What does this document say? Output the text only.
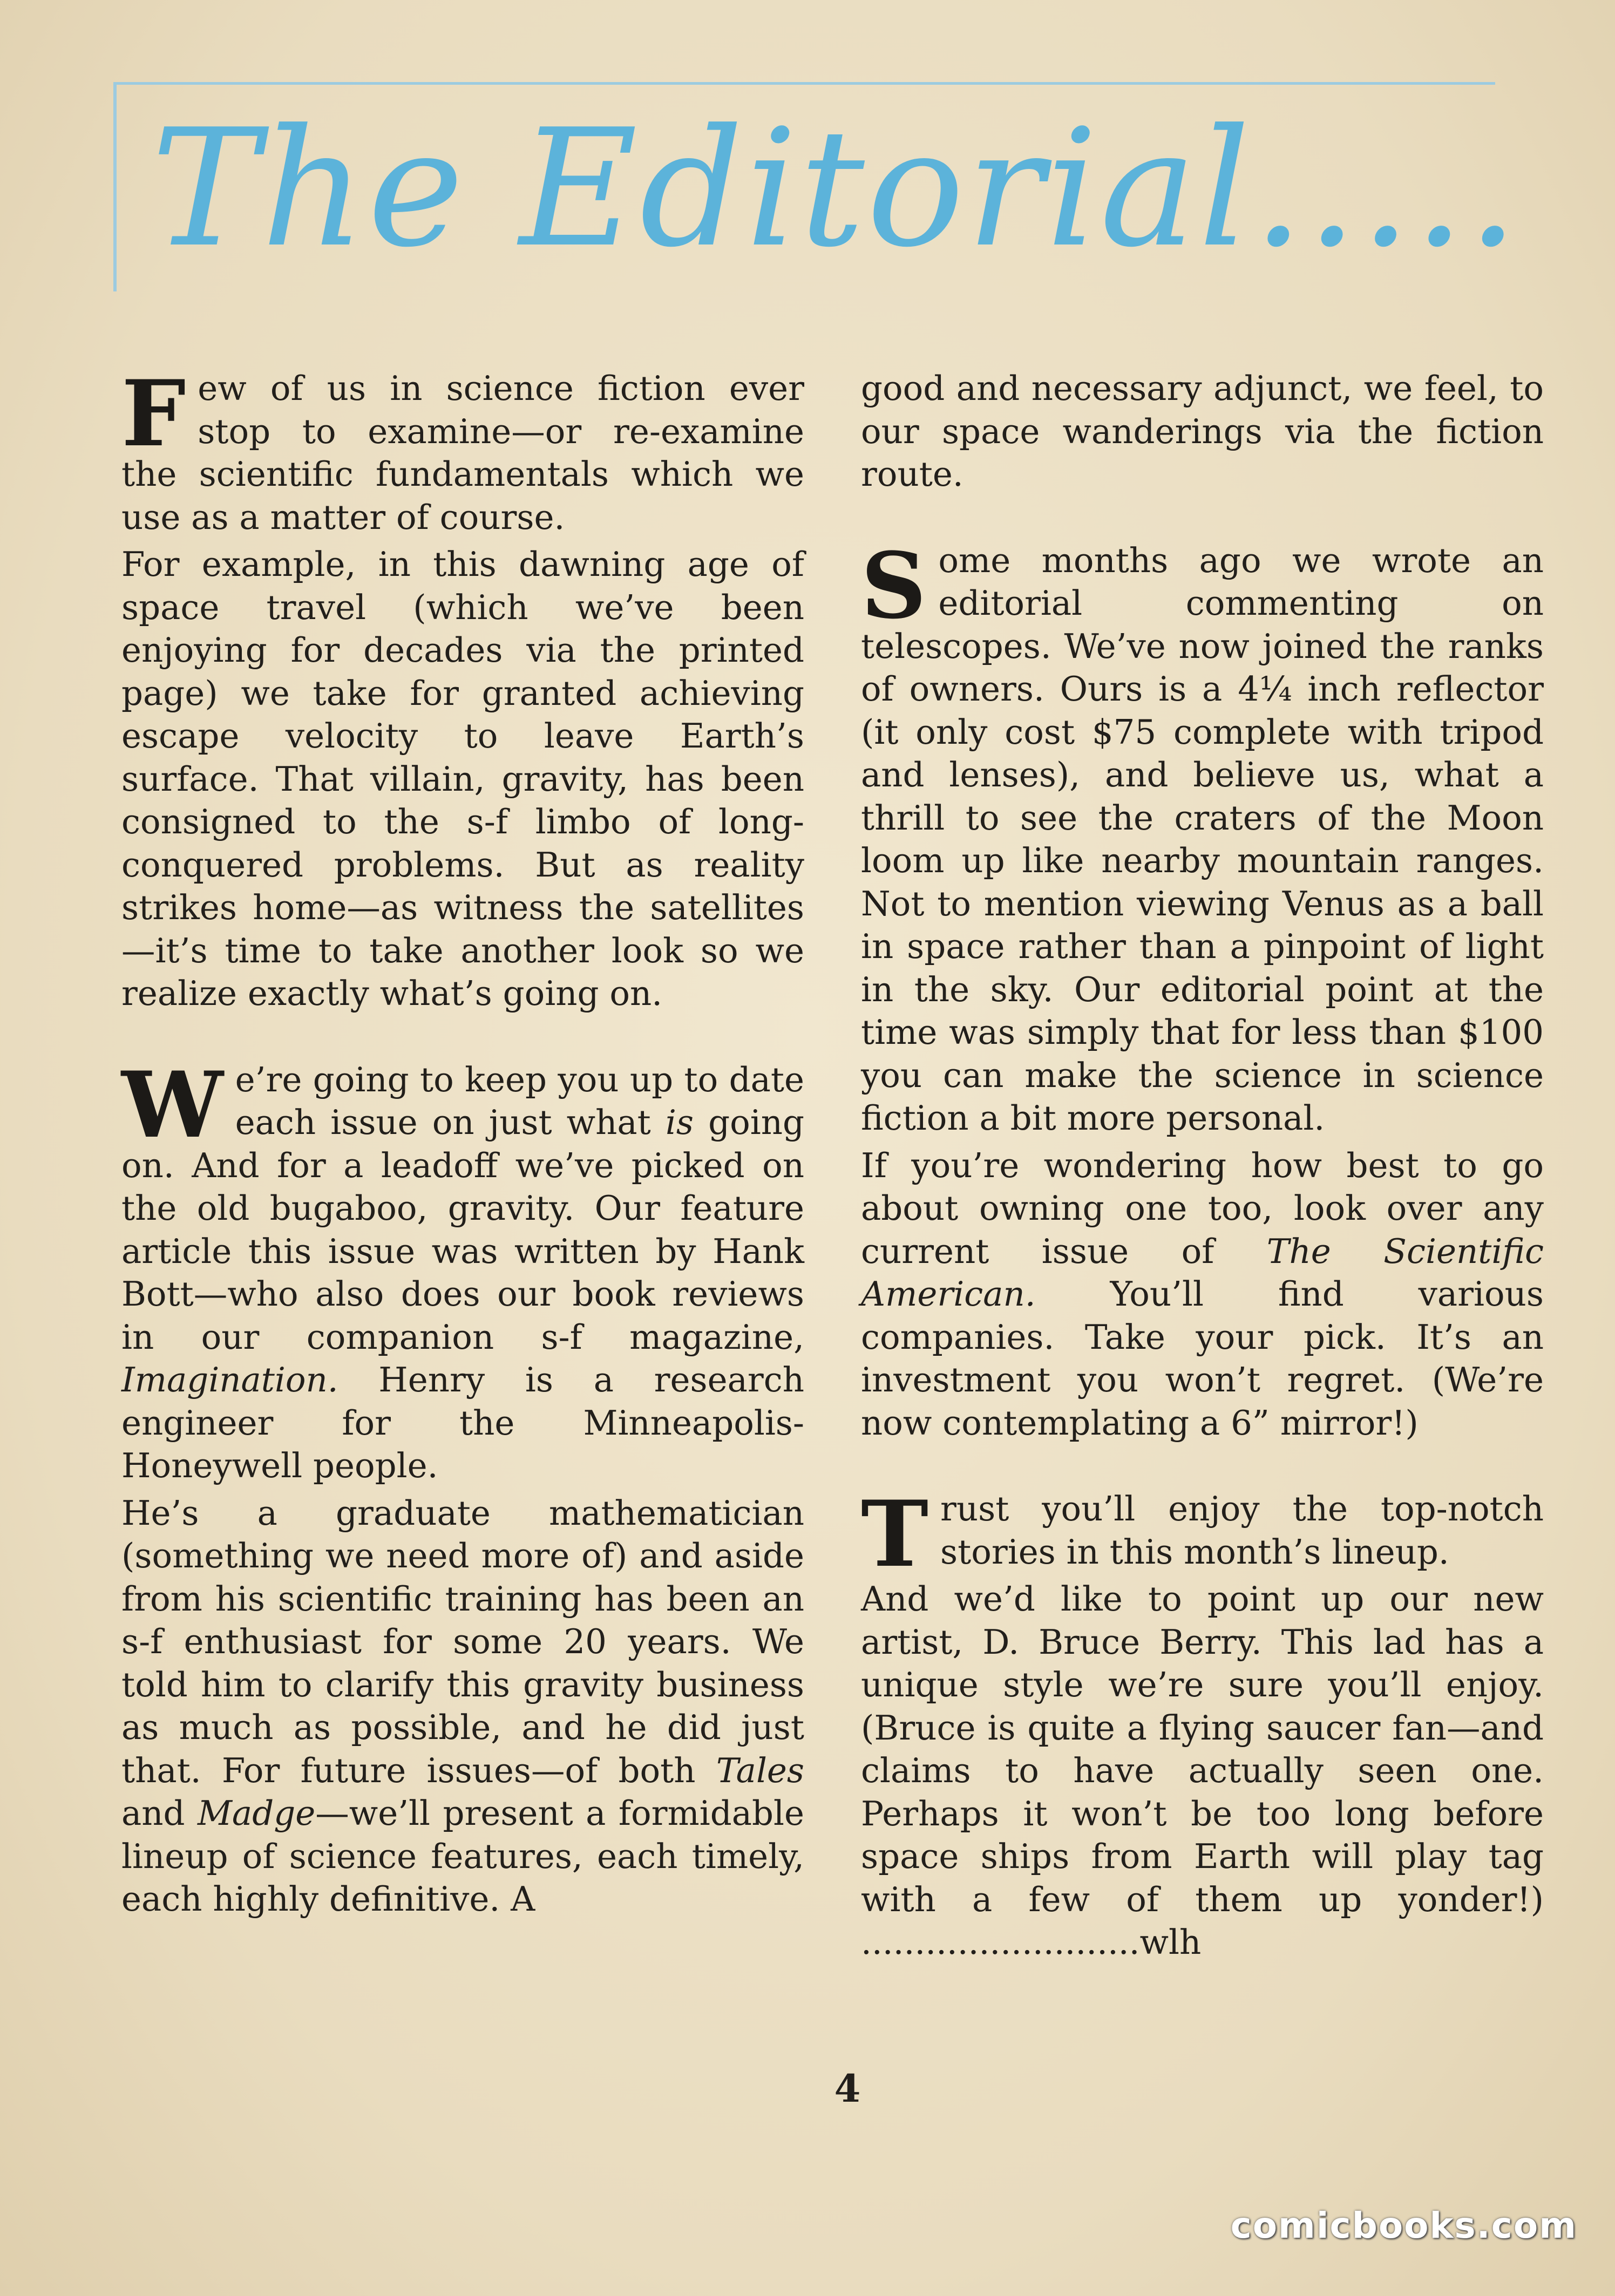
The Editorial.....

Few of us in science fiction ever stop to examine—or re-examine the scientific fundamentals which we use as a matter of course.

For example, in this dawning age of space travel (which we’ve been enjoying for decades via the printed page) we take for granted achieving escape velocity to leave Earth’s surface. That villain, gravity, has been consigned to the s-f limbo of long-conquered problems. But as reality strikes home—as witness the satellites—it’s time to take another look so we realize exactly what’s going on.

We’re going to keep you up to date each issue on just what is going on. And for a leadoff we’ve picked on the old bugaboo, gravity. Our feature article this issue was written by Hank Bott—who also does our book reviews in our companion s-f magazine, Imagination. Henry is a research engineer for the Minneapolis-Honeywell people.

He’s a graduate mathematician (something we need more of) and aside from his scientific training has been an s-f enthusiast for some 20 years. We told him to clarify this gravity business as much as possible, and he did just that. For future issues—of both Tales and Madge—we’ll present a formidable lineup of science features, each timely, each highly definitive. A

good and necessary adjunct, we feel, to our space wanderings via the fiction route.

Some months ago we wrote an editorial commenting on telescopes. We’ve now joined the ranks of owners. Ours is a 4¼ inch reflector (it only cost $75 complete with tripod and lenses), and believe us, what a thrill to see the craters of the Moon loom up like nearby mountain ranges. Not to mention viewing Venus as a ball in space rather than a pinpoint of light in the sky. Our editorial point at the time was simply that for less than $100 you can make the science in science fiction a bit more personal.

If you’re wondering how best to go about owning one too, look over any current issue of The Scientific American. You’ll find various companies. Take your pick. It’s an investment you won’t regret. (We’re now contemplating a 6” mirror!)

Trust you’ll enjoy the top-notch stories in this month’s lineup.

And we’d like to point up our new artist, D. Bruce Berry. This lad has a unique style we’re sure you’ll enjoy. (Bruce is quite a flying saucer fan—and claims to have actually seen one. Perhaps it won’t be too long before space ships from Earth will play tag with a few of them up yonder!) ..........................wlh

4
comicbooks.com
